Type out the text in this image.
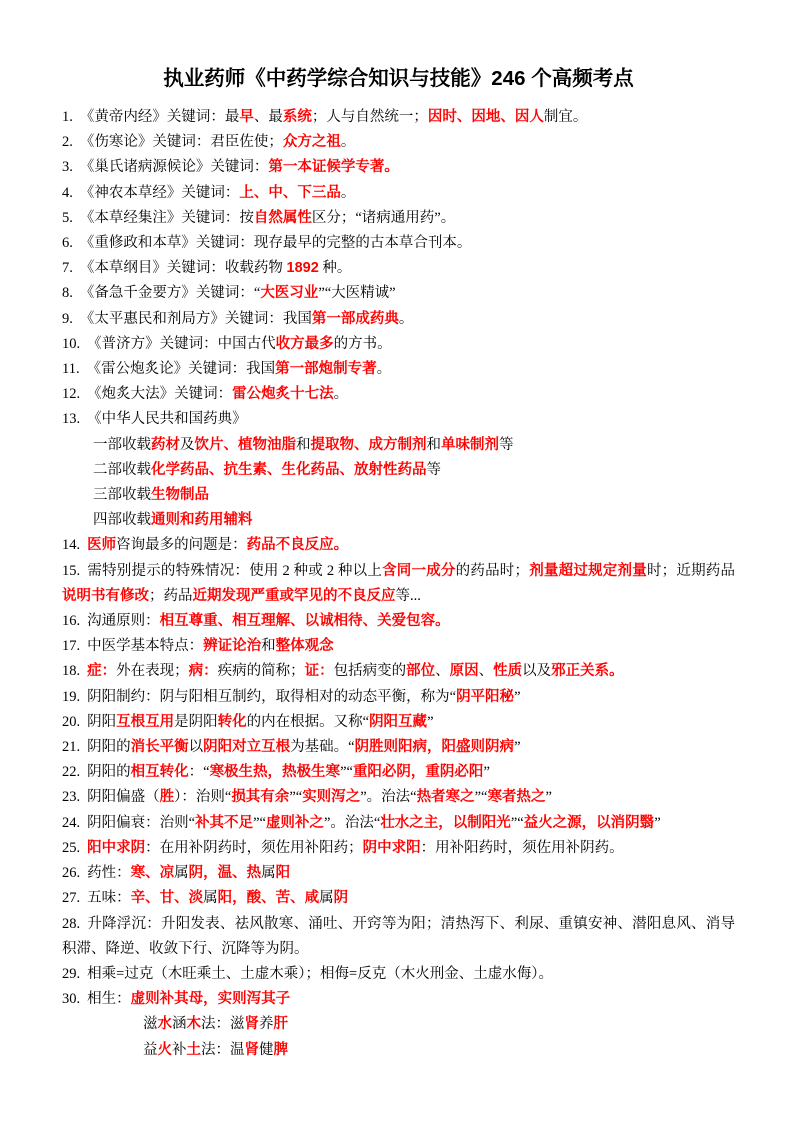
执业药师《中药学综合知识与技能》246 个高频考点

1. 《黄帝内经》关键词：最早、最系统；人与自然统一；因时、因地、因人制宜。

2. 《伤寒论》关键词：君臣佐使；众方之祖。

3. 《巢氏诸病源候论》关键词：第一本证候学专著。

4. 《神农本草经》关键词：上、中、下三品。

5. 《本草经集注》关键词：按自然属性区分；“诸病通用药”。

6. 《重修政和本草》关键词：现存最早的完整的古本草合刊本。

7. 《本草纲目》关键词：收载药物 1892 种。

8. 《备急千金要方》关键词：“大医习业”“大医精诚”

9. 《太平惠民和剂局方》关键词：我国第一部成药典。

10. 《普济方》关键词：中国古代收方最多的方书。

11. 《雷公炮炙论》关键词：我国第一部炮制专著。

12. 《炮炙大法》关键词：雷公炮炙十七法。

13. 《中华人民共和国药典》

一部收载药材及饮片、植物油脂和提取物、成方制剂和单味制剂等

二部收载化学药品、抗生素、生化药品、放射性药品等

三部收载生物制品

四部收载通则和药用辅料

14. 医师咨询最多的问题是：药品不良反应。

15. 需特别提示的特殊情况：使用 2 种或 2 种以上含同一成分的药品时；剂量超过规定剂量时；近期药品说明书有修改；药品近期发现严重或罕见的不良反应等...

16. 沟通原则：相互尊重、相互理解、以诚相待、关爱包容。

17. 中医学基本特点：辨证论治和整体观念

18. 症：外在表现；病：疾病的简称；证：包括病变的部位、原因、性质以及邪正关系。

19. 阴阳制约：阴与阳相互制约，取得相对的动态平衡，称为“阴平阳秘”

20. 阴阳互根互用是阴阳转化的内在根据。又称“阴阳互藏”

21. 阴阳的消长平衡以阴阳对立互根为基础。“阴胜则阳病，阳盛则阴病”

22. 阴阳的相互转化：“寒极生热，热极生寒”“重阳必阴，重阴必阳”

23. 阴阳偏盛（胜）：治则“损其有余”“实则泻之”。治法“热者寒之”“寒者热之”

24. 阴阳偏衰：治则“补其不足”“虚则补之”。治法“壮水之主，以制阳光”“益火之源，以消阴翳”

25. 阳中求阴：在用补阴药时，须佐用补阳药；阴中求阳：用补阳药时，须佐用补阴药。

26. 药性：寒、凉属阴，温、热属阳

27. 五味：辛、甘、淡属阳，酸、苦、咸属阴

28. 升降浮沉：升阳发表、祛风散寒、涌吐、开窍等为阳；清热泻下、利尿、重镇安神、潜阳息风、消导积滞、降逆、收敛下行、沉降等为阴。

29. 相乘=过克（木旺乘土、土虚木乘）；相侮=反克（木火刑金、土虚水侮）。

30. 相生：虚则补其母，实则泻其子

滋水涵木法：滋肾养肝

益火补土法：温肾健脾
